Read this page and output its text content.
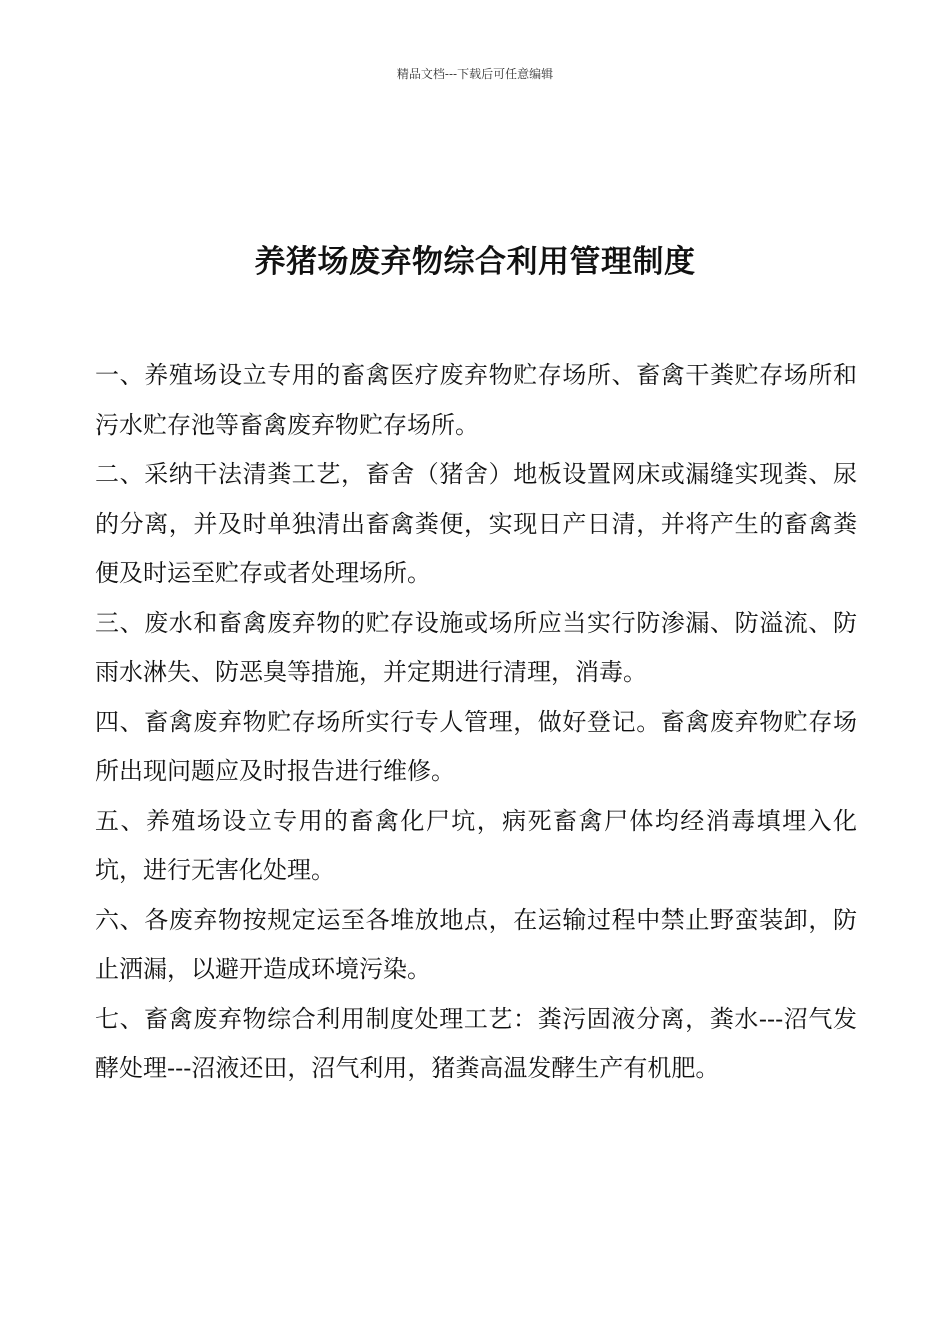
精品文档---下载后可任意编辑
养猪场废弃物综合利用管理制度

一、养殖场设立专用的畜禽医疗废弃物贮存场所、畜禽干粪贮存场所和污水贮存池等畜禽废弃物贮存场所。

二、采纳干法清粪工艺，畜舍（猪舍）地板设置网床或漏缝实现粪、尿的分离，并及时单独清出畜禽粪便，实现日产日清，并将产生的畜禽粪便及时运至贮存或者处理场所。

三、废水和畜禽废弃物的贮存设施或场所应当实行防渗漏、防溢流、防雨水淋失、防恶臭等措施，并定期进行清理，消毒。

四、畜禽废弃物贮存场所实行专人管理，做好登记。畜禽废弃物贮存场所出现问题应及时报告进行维修。

五、养殖场设立专用的畜禽化尸坑，病死畜禽尸体均经消毒填埋入化坑，进行无害化处理。

六、各废弃物按规定运至各堆放地点，在运输过程中禁止野蛮装卸，防止洒漏，以避开造成环境污染。

七、畜禽废弃物综合利用制度处理工艺：粪污固液分离，粪水---沼气发酵处理---沼液还田，沼气利用，猪粪高温发酵生产有机肥。
